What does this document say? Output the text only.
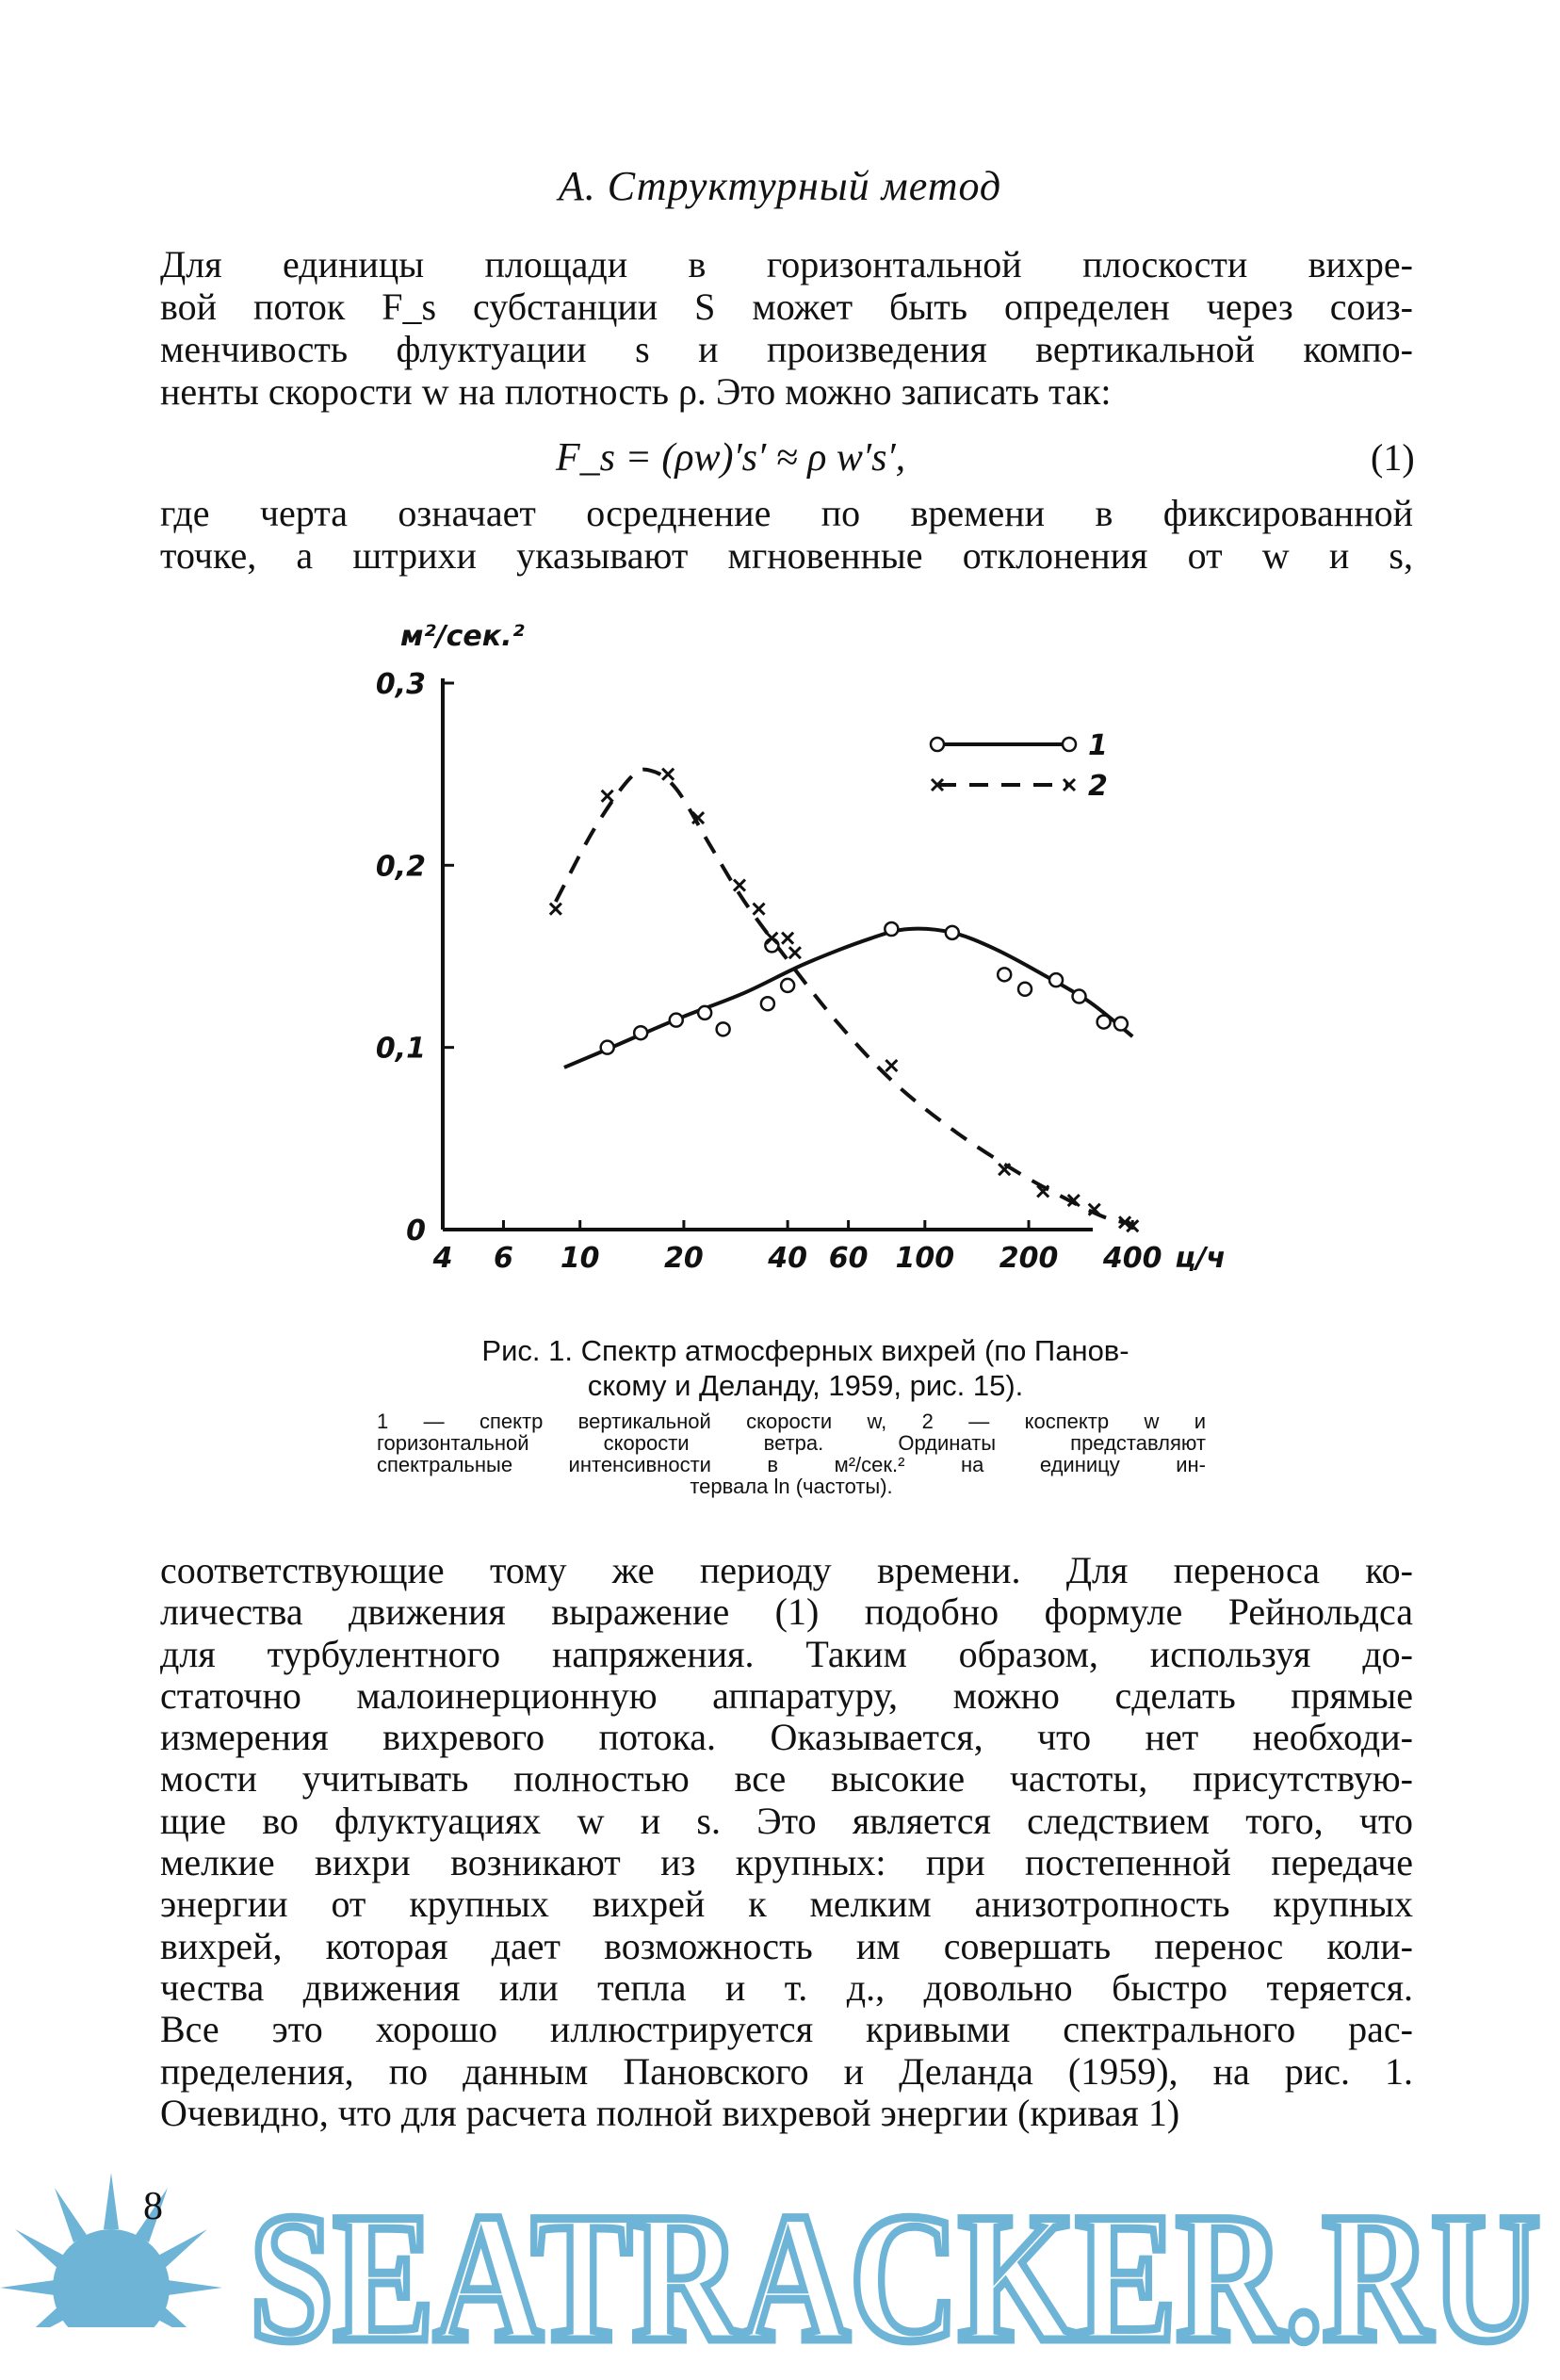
А. Структурный метод
Для единицы площади в горизонтальной плоскости вихре-
вой поток F_s субстанции S может быть определен через соиз-
менчивость флуктуации s и произведения вертикальной компо-
ненты скорости w на плотность ρ. Это можно записать так:
F_s = (ρw)′s′ ≈ ρ w′s′,	(1)
где черта означает осреднение по времени в фиксированной
точке, а штрихи указывают мгновенные отклонения от w и s,
4 6 10 20 40 60 100 200 400 ц/ч
0
0,1
0,2
0,3
м²/сек.²
1
2
Рис. 1. Спектр атмосферных вихрей (по Панов-
скому и Деланду, 1959, рис. 15).
1 — спектр вертикальной скорости w, 2 — коспектр w и
горизонтальной скорости ветра. Ординаты представляют
спектральные интенсивности в м²/сек.² на единицу ин-
тервала ln (частоты).
соответствующие тому же периоду времени. Для переноса ко-
личества движения выражение (1) подобно формуле Рейнольдса
для турбулентного напряжения. Таким образом, используя до-
статочно малоинерционную аппаратуру, можно сделать прямые
измерения вихревого потока. Оказывается, что нет необходи-
мости учитывать полностью все высокие частоты, присутствую-
щие во флуктуациях w и s. Это является следствием того, что
мелкие вихри возникают из крупных: при постепенной передаче
энергии от крупных вихрей к мелким анизотропность крупных
вихрей, которая дает возможность им совершать перенос коли-
чества движения или тепла и т. д., довольно быстро теряется.
Все это хорошо иллюстрируется кривыми спектрального рас-
пределения, по данным Пановского и Деланда (1959), на рис. 1.
Очевидно, что для расчета полной вихревой энергии (кривая 1)
8 SEATRACKER.RU
